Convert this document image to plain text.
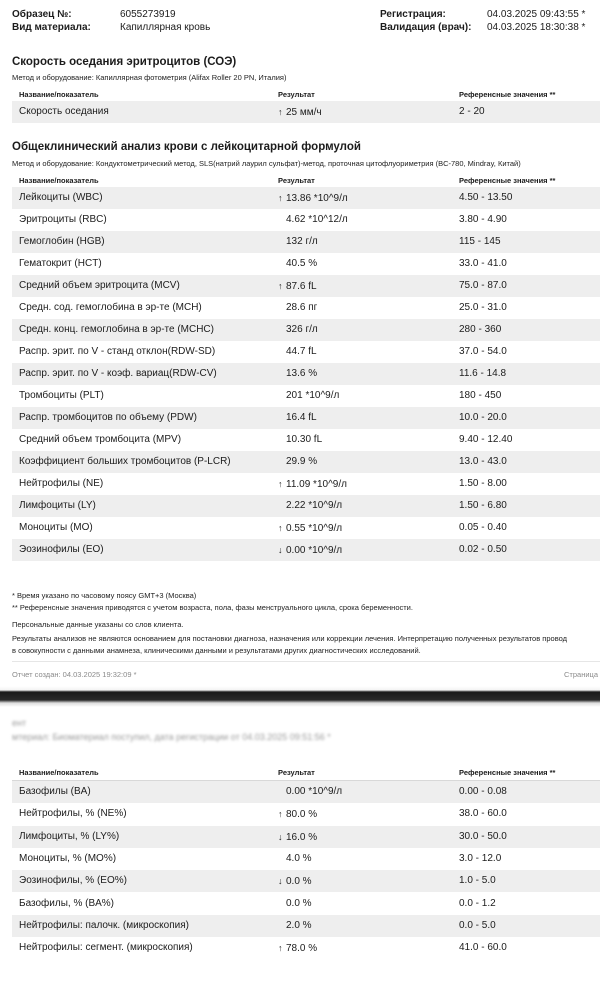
Образец №:	6055273919
Вид материала:	Капиллярная кровь
Регистрация:	04.03.2025 09:43:55 *
Валидация (врач): 04.03.2025 18:30:38 *
Скорость оседания эритроцитов (СОЭ)
Метод и оборудование: Капиллярная фотометрия (Alifax Roller 20 PN, Италия)
Название/показатель	Результат	Референсные значения **
Скорость оседания	↑ 25 мм/ч	2 - 20
Общеклинический анализ крови с лейкоцитарной формулой
Метод и оборудование: Кондуктометрический метод, SLS(натрий лаурил сульфат)-метод, проточная цитофлуориметрия (BC-780, Mindray, Китай)
Название/показатель	Результат	Референсные значения **
Лейкоциты (WBC)	↑ 13.86 *10^9/л	4.50 - 13.50
Эритроциты (RBC)	4.62 *10^12/л	3.80 - 4.90
Гемоглобин (HGB)	132 г/л	115 - 145
Гематокрит (HCT)	40.5 %	33.0 - 41.0
Средний объем эритроцита (MCV)	↑ 87.6 fL	75.0 - 87.0
Средн. сод. гемоглобина в эр-те (MCH)	28.6 пг	25.0 - 31.0
Средн. конц. гемоглобина в эр-те (MCHC)	326 г/л	280 - 360
Распр. эрит. по V - станд отклон(RDW-SD)	44.7 fL	37.0 - 54.0
Распр. эрит. по V - коэф. вариац(RDW-CV)	13.6 %	11.6 - 14.8
Тромбоциты (PLT)	201 *10^9/л	180 - 450
Распр. тромбоцитов по объему (PDW)	16.4 fL	10.0 - 20.0
Средний объем тромбоцита (MPV)	10.30 fL	9.40 - 12.40
Коэффициент больших тромбоцитов (P-LCR)	29.9 %	13.0 - 43.0
Нейтрофилы (NE)	↑ 11.09 *10^9/л	1.50 - 8.00
Лимфоциты (LY)	2.22 *10^9/л	1.50 - 6.80
Моноциты (MO)	↑ 0.55 *10^9/л	0.05 - 0.40
Эозинофилы (EO)	↓ 0.00 *10^9/л	0.02 - 0.50
* Время указано по часовому поясу GMT+3 (Москва)
** Референсные значения приводятся с учетом возраста, пола, фазы менструального цикла, срока беременности.
Персональные данные указаны со слов клиента.
Результаты анализов не являются основанием для постановки диагноза, назначения или коррекции лечения. Интерпретацию полученных результатов провод
в совокупности с данными анамнеза, клиническими данными и результатами других диагностических исследований.
Отчет создан: 04.03.2025 19:32:09 *	Страница
ент
мтериал: Биоматериал поступил, дата регистрации от 04.03.2025 09:51:56 *
Название/показатель	Результат	Референсные значения **
Базофилы (BA)	0.00 *10^9/л	0.00 - 0.08
Нейтрофилы, % (NE%)	↑ 80.0 %	38.0 - 60.0
Лимфоциты, % (LY%)	↓ 16.0 %	30.0 - 50.0
Моноциты, % (MO%)	4.0 %	3.0 - 12.0
Эозинофилы, % (EO%)	↓ 0.0 %	1.0 - 5.0
Базофилы, % (BA%)	0.0 %	0.0 - 1.2
Нейтрофилы: палочк. (микроскопия)	2.0 %	0.0 - 5.0
Нейтрофилы: сегмент. (микроскопия)	↑ 78.0 %	41.0 - 60.0
